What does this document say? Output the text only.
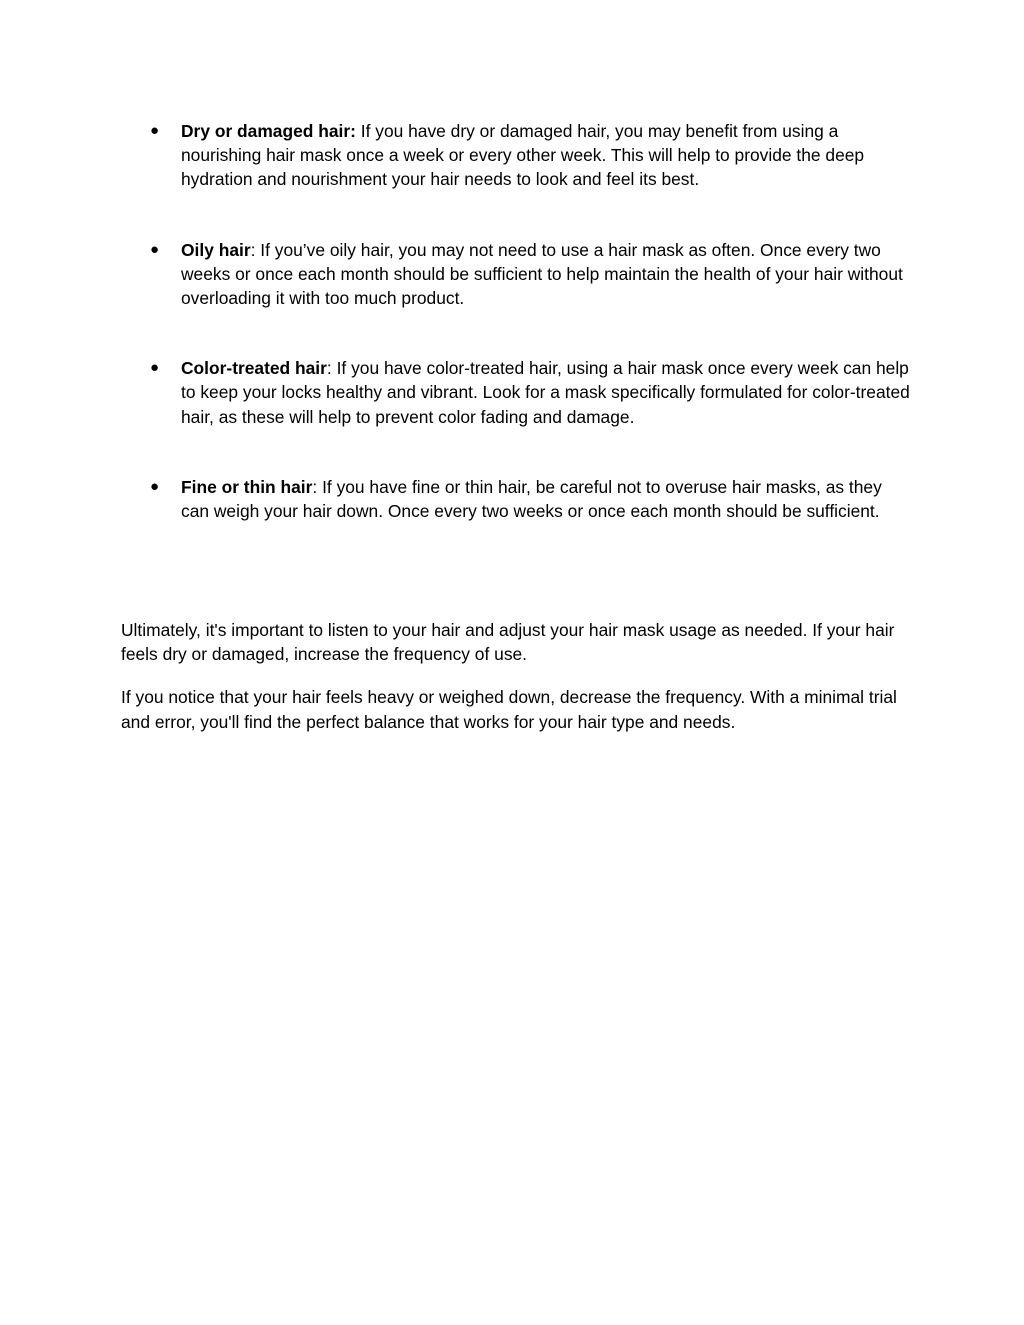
● Dry or damaged hair: If you have dry or damaged hair, you may benefit from using a nourishing hair mask once a week or every other week. This will help to provide the deep hydration and nourishment your hair needs to look and feel its best.
● Oily hair: If you’ve oily hair, you may not need to use a hair mask as often. Once every two weeks or once each month should be sufficient to help maintain the health of your hair without overloading it with too much product.
● Color-treated hair: If you have color-treated hair, using a hair mask once every week can help to keep your locks healthy and vibrant. Look for a mask specifically formulated for color-treated hair, as these will help to prevent color fading and damage.
● Fine or thin hair: If you have fine or thin hair, be careful not to overuse hair masks, as they can weigh your hair down. Once every two weeks or once each month should be sufficient.

Ultimately, it's important to listen to your hair and adjust your hair mask usage as needed. If your hair feels dry or damaged, increase the frequency of use.

If you notice that your hair feels heavy or weighed down, decrease the frequency. With a minimal trial and error, you'll find the perfect balance that works for your hair type and needs.
